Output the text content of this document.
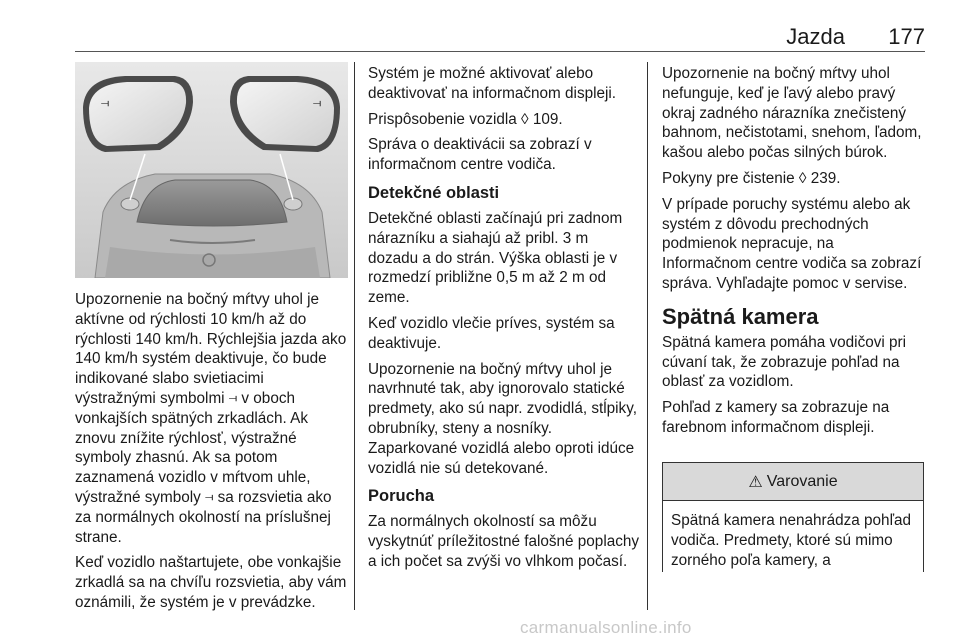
Jazda 177
⟞	⟞

Upozornenie na bočný mŕtvy uhol je aktívne od rýchlosti 10 km/h až do rýchlosti 140 km/h. Rýchlejšia jazda ako 140 km/h systém deaktivuje, čo bude indikované slabo svietiacimi výstražnými symbolmi ⟞ v oboch vonkajších spätných zrkadlách. Ak znovu znížite rýchlosť, výstražné symboly zhasnú. Ak sa potom zaznamená vozidlo v mŕtvom uhle, výstražné symboly ⟞ sa rozsvietia ako za normálnych okolností na príslušnej strane.

Keď vozidlo naštartujete, obe vonkajšie zrkadlá sa na chvíľu rozsvietia, aby vám oznámili, že systém je v prevádzke.

Systém je možné aktivovať alebo deaktivovať na informačnom displeji.

Prispôsobenie vozidla ◊ 109.

Správa o deaktivácii sa zobrazí v informačnom centre vodiča.

Detekčné oblasti

Detekčné oblasti začínajú pri zadnom nárazníku a siahajú až pribl. 3 m dozadu a do strán. Výška oblasti je v rozmedzí približne 0,5 m až 2 m od zeme.

Keď vozidlo vlečie príves, systém sa deaktivuje.

Upozornenie na bočný mŕtvy uhol je navrhnuté tak, aby ignorovalo statické predmety, ako sú napr. zvodidlá, stĺpiky, obrubníky, steny a nosníky. Zaparkované vozidlá alebo oproti idúce vozidlá nie sú detekované.

Porucha

Za normálnych okolností sa môžu vyskytnúť príležitostné falošné poplachy a ich počet sa zvýši vo vlhkom počasí.

Upozornenie na bočný mŕtvy uhol nefunguje, keď je ľavý alebo pravý okraj zadného nárazníka znečistený bahnom, nečistotami, snehom, ľadom, kašou alebo počas silných búrok.

Pokyny pre čistenie ◊ 239.

V prípade poruchy systému alebo ak systém z dôvodu prechodných podmienok nepracuje, na Informačnom centre vodiča sa zobrazí správa. Vyhľadajte pomoc v servise.

Spätná kamera

Spätná kamera pomáha vodičovi pri cúvaní tak, že zobrazuje pohľad na oblasť za vozidlom.

Pohľad z kamery sa zobrazuje na farebnom informačnom displeji.

⚠ Varovanie
Spätná kamera nenahrádza pohľad vodiča. Predmety, ktoré sú mimo zorného poľa kamery, a
carmanualsonline.info
